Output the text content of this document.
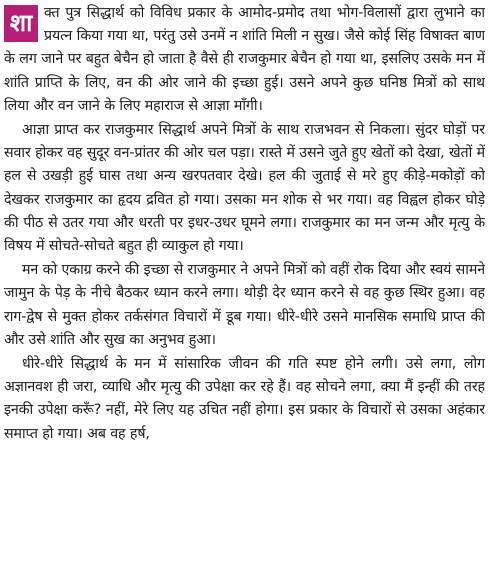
शा क्त पुत्र सिद्धार्थ को विविध प्रकार के आमोद-प्रमोद तथा भोग-विलासों द्वारा लुभाने का प्रयत्न किया गया था, परंतु उसे उनमें न शांति मिली न सुख। जैसे कोई सिंह विषाक्त बाण के लग जाने पर बहुत बेचैन हो जाता है वैसे ही राजकुमार बेचैन हो गया था, इसलिए उसके मन में शांति प्राप्ति के लिए, वन की ओर जाने की इच्छा हुई। उसने अपने कुछ घनिष्ठ मित्रों को साथ लिया और वन जाने के लिए महाराज से आज्ञा माँगी।

आज्ञा प्राप्त कर राजकुमार सिद्धार्थ अपने मित्रों के साथ राजभवन से निकला। सुंदर घोड़ों पर सवार होकर वह सुदूर वन-प्रांतर की ओर चल पड़ा। रास्ते में उसने जुते हुए खेतों को देखा, खेतों में हल से उखड़ी हुई घास तथा अन्य खरपतवार देखे। हल की जुताई से मरे हुए कीड़े-मकोड़ों को देखकर राजकुमार का हृदय द्रवित हो गया। उसका मन शोक से भर गया। वह विह्वल होकर घोड़े की पीठ से उतर गया और धरती पर इधर-उधर घूमने लगा। राजकुमार का मन जन्म और मृत्यु के विषय में सोचते-सोचते बहुत ही व्याकुल हो गया।

मन को एकाग्र करने की इच्छा से राजकुमार ने अपने मित्रों को वहीं रोक दिया और स्वयं सामने जामुन के पेड़ के नीचे बैठकर ध्यान करने लगा। थोड़ी देर ध्यान करने से वह कुछ स्थिर हुआ। वह राग-द्वेष से मुक्त होकर तर्कसंगत विचारों में डूब गया। धीरे-धीरे उसने मानसिक समाधि प्राप्त की और उसे शांति और सुख का अनुभव हुआ।

धीरे-धीरे सिद्धार्थ के मन में सांसारिक जीवन की गति स्पष्ट होने लगी। उसे लगा, लोग अज्ञानवश ही जरा, व्याधि और मृत्यु की उपेक्षा कर रहे हैं। वह सोचने लगा, क्या मैं इन्हीं की तरह इनकी उपेक्षा करूँ? नहीं, मेरे लिए यह उचित नहीं होगा। इस प्रकार के विचारों से उसका अहंकार समाप्त हो गया। अब वह हर्ष,
